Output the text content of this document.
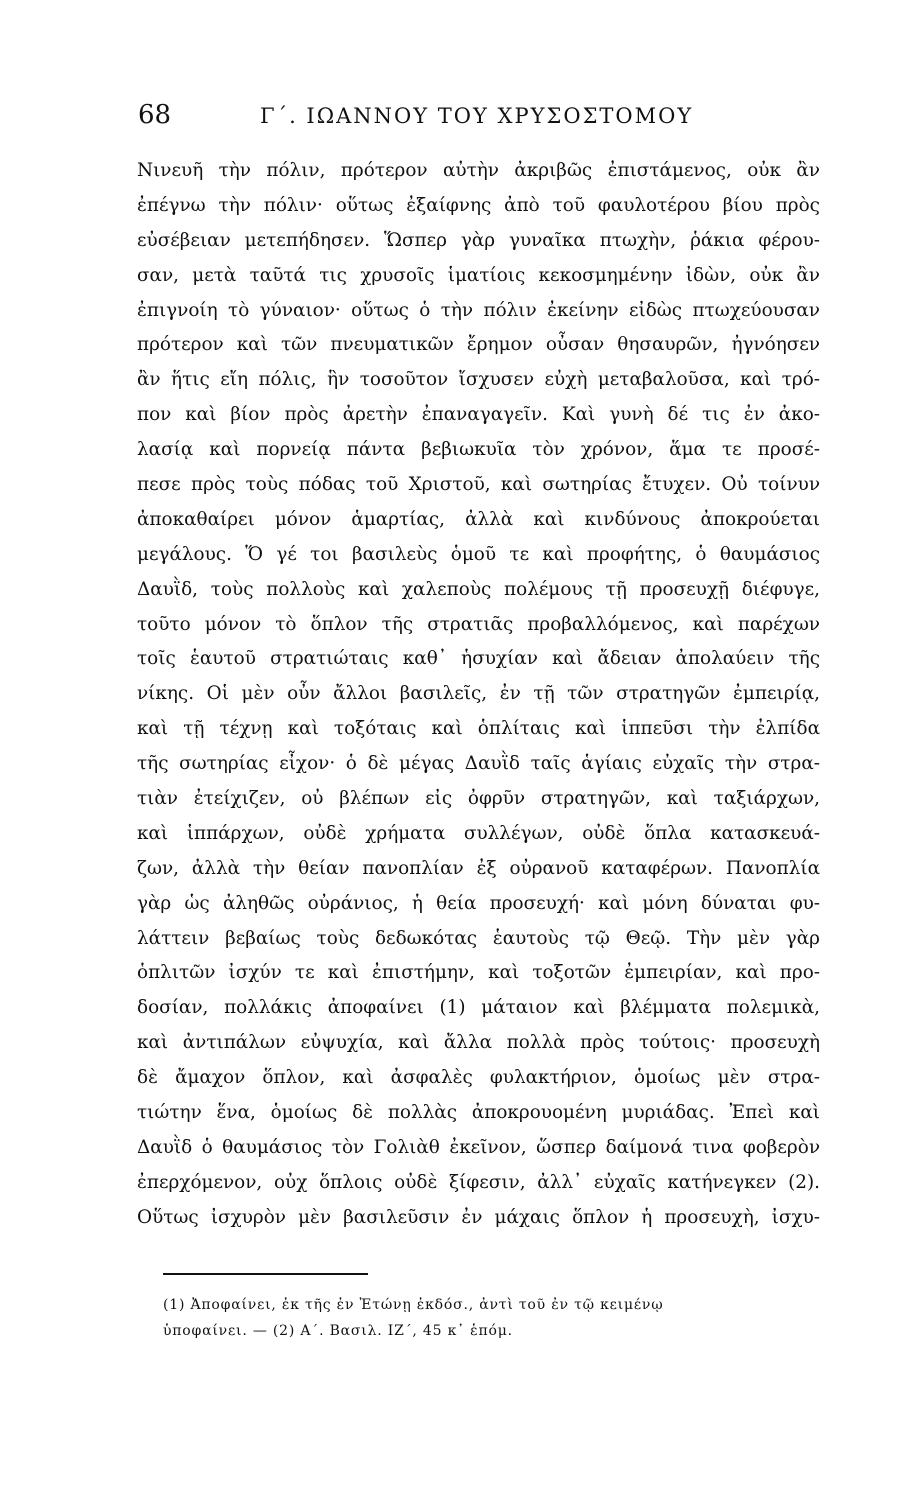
68	Γ΄. ΙΩΑΝΝΟΥ ΤΟΥ ΧΡΥΣΟΣΤΟΜΟΥ
Νινευῆ τὴν πόλιν, πρότερον αὐτὴν ἀκριβῶς ἐπιστάμενος, οὐκ ἂν
ἐπέγνω τὴν πόλιν· οὕτως ἐξαίφνης ἀπὸ τοῦ φαυλοτέρου βίου πρὸς
εὐσέβειαν μετεπήδησεν. Ὥσπερ γὰρ γυναῖκα πτωχὴν, ῥάκια φέρου-
σαν, μετὰ ταῦτά τις χρυσοῖς ἱματίοις κεκοσμημένην ἰδὼν, οὐκ ἂν
ἐπιγνοίη τὸ γύναιον· οὕτως ὁ τὴν πόλιν ἐκείνην εἰδὼς πτωχεύουσαν
πρότερον καὶ τῶν πνευματικῶν ἔρημον οὖσαν θησαυρῶν, ἠγνόησεν
ἂν ἥτις εἴη πόλις, ἣν τοσοῦτον ἴσχυσεν εὐχὴ μεταβαλοῦσα, καὶ τρό-
πον καὶ βίον πρὸς ἀρετὴν ἐπαναγαγεῖν. Καὶ γυνὴ δέ τις ἐν ἀκο-
λασίᾳ καὶ πορνείᾳ πάντα βεβιωκυῖα τὸν χρόνον, ἅμα τε προσέ-
πεσε πρὸς τοὺς πόδας τοῦ Χριστοῦ, καὶ σωτηρίας ἔτυχεν. Οὐ τοίνυν
ἀποκαθαίρει μόνον ἁμαρτίας, ἀλλὰ καὶ κινδύνους ἀποκρούεται
μεγάλους. Ὅ γέ τοι βασιλεὺς ὁμοῦ τε καὶ προφήτης, ὁ θαυμάσιος
Δαυῒδ, τοὺς πολλοὺς καὶ χαλεποὺς πολέμους τῇ προσευχῇ διέφυγε,
τοῦτο μόνον τὸ ὅπλον τῆς στρατιᾶς προβαλλόμενος, καὶ παρέχων
τοῖς ἑαυτοῦ στρατιώταις καθ᾿ ἡσυχίαν καὶ ἄδειαν ἀπολαύειν τῆς
νίκης. Οἱ μὲν οὖν ἄλλοι βασιλεῖς, ἐν τῇ τῶν στρατηγῶν ἐμπειρίᾳ,
καὶ τῇ τέχνῃ καὶ τοξόταις καὶ ὁπλίταις καὶ ἱππεῦσι τὴν ἐλπίδα
τῆς σωτηρίας εἶχον· ὁ δὲ μέγας Δαυῒδ ταῖς ἁγίαις εὐχαῖς τὴν στρα-
τιὰν ἐτείχιζεν, οὐ βλέπων εἰς ὀφρῦν στρατηγῶν, καὶ ταξιάρχων,
καὶ ἱππάρχων, οὐδὲ χρήματα συλλέγων, οὐδὲ ὅπλα κατασκευά-
ζων, ἀλλὰ τὴν θείαν πανοπλίαν ἐξ οὐρανοῦ καταφέρων. Πανοπλία
γὰρ ὡς ἀληθῶς οὐράνιος, ἡ θεία προσευχή· καὶ μόνη δύναται φυ-
λάττειν βεβαίως τοὺς δεδωκότας ἑαυτοὺς τῷ Θεῷ. Τὴν μὲν γὰρ
ὁπλιτῶν ἰσχύν τε καὶ ἐπιστήμην, καὶ τοξοτῶν ἐμπειρίαν, καὶ προ-
δοσίαν, πολλάκις ἀποφαίνει (1) μάταιον καὶ βλέμματα πολεμικὰ,
καὶ ἀντιπάλων εὐψυχία, καὶ ἄλλα πολλὰ πρὸς τούτοις· προσευχὴ
δὲ ἄμαχον ὅπλον, καὶ ἀσφαλὲς φυλακτήριον, ὁμοίως μὲν στρα-
τιώτην ἕνα, ὁμοίως δὲ πολλὰς ἀποκρουομένη μυριάδας. Ἐπεὶ καὶ
Δαυῒδ ὁ θαυμάσιος τὸν Γολιὰθ ἐκεῖνον, ὥσπερ δαίμονά τινα φοβερὸν
ἐπερχόμενον, οὐχ ὅπλοις οὐδὲ ξίφεσιν, ἀλλ᾿ εὐχαῖς κατήνεγκεν (2).
Οὕτως ἰσχυρὸν μὲν βασιλεῦσιν ἐν μάχαις ὅπλον ἡ προσευχὴ, ἰσχυ-
(1) Ἀποφαίνει, ἐκ τῆς ἐν Ἐτώνῃ ἐκδόσ., ἀντὶ τοῦ ἐν τῷ κειμένῳ
ὑποφαίνει. — (2) Α΄. Βασιλ. ΙΖ΄, 45 κ᾿ ἑπόμ.
